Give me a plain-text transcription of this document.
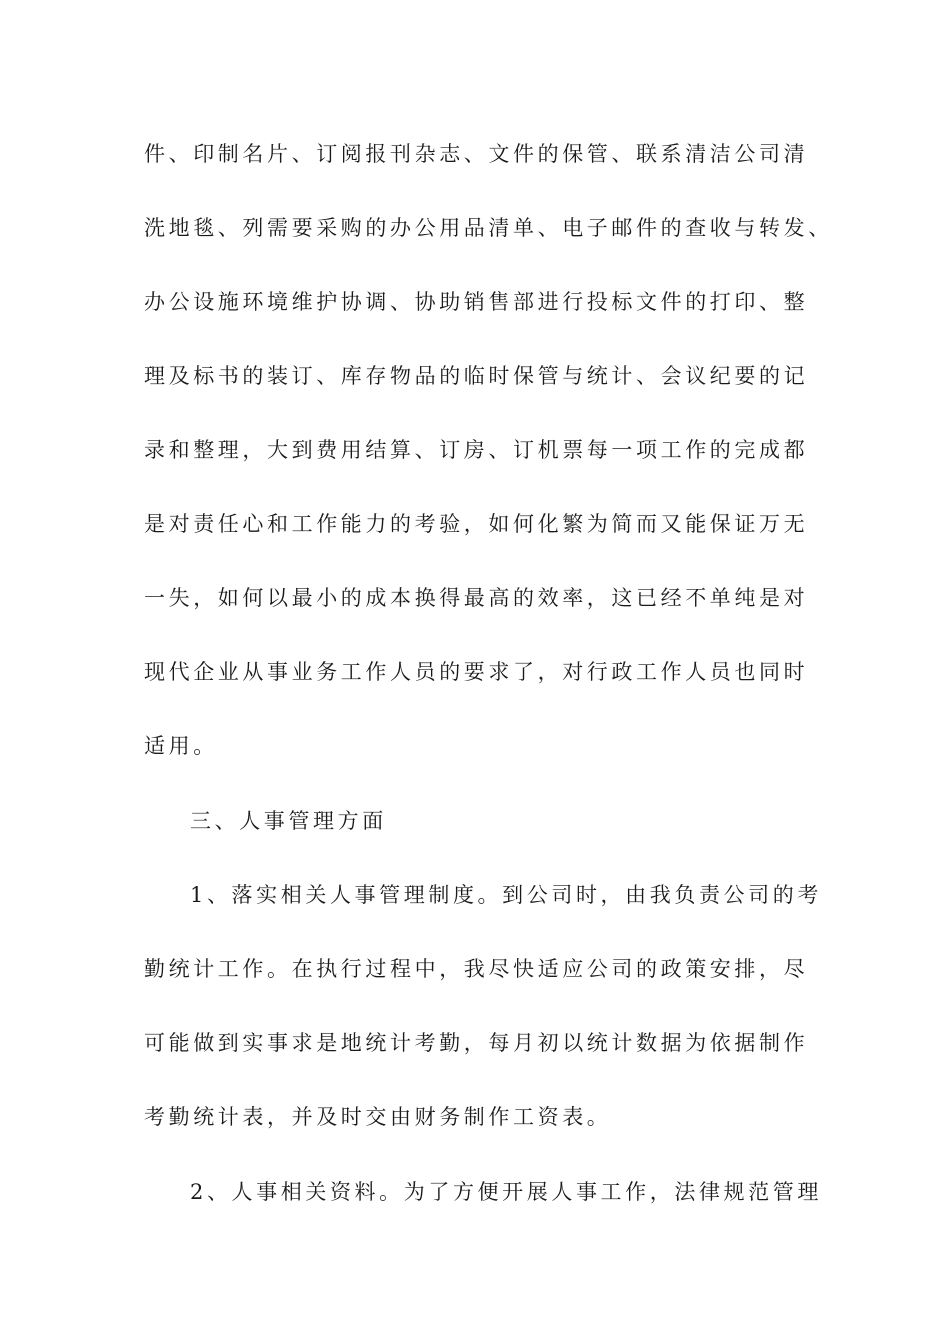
件、印制名片、订阅报刊杂志、文件的保管、联系清洁公司清
洗地毯、列需要采购的办公用品清单、电子邮件的查收与转发、
办公设施环境维护协调、协助销售部进行投标文件的打印、整
理及标书的装订、库存物品的临时保管与统计、会议纪要的记
录和整理，大到费用结算、订房、订机票每一项工作的完成都
是对责任心和工作能力的考验，如何化繁为简而又能保证万无
一失，如何以最小的成本换得最高的效率，这已经不单纯是对
现代企业从事业务工作人员的要求了，对行政工作人员也同时
适用。
三、人事管理方面
1、落实相关人事管理制度。到公司时，由我负责公司的考
勤统计工作。在执行过程中，我尽快适应公司的政策安排，尽
可能做到实事求是地统计考勤，每月初以统计数据为依据制作
考勤统计表，并及时交由财务制作工资表。
2、人事相关资料。为了方便开展人事工作，法律规范管理
